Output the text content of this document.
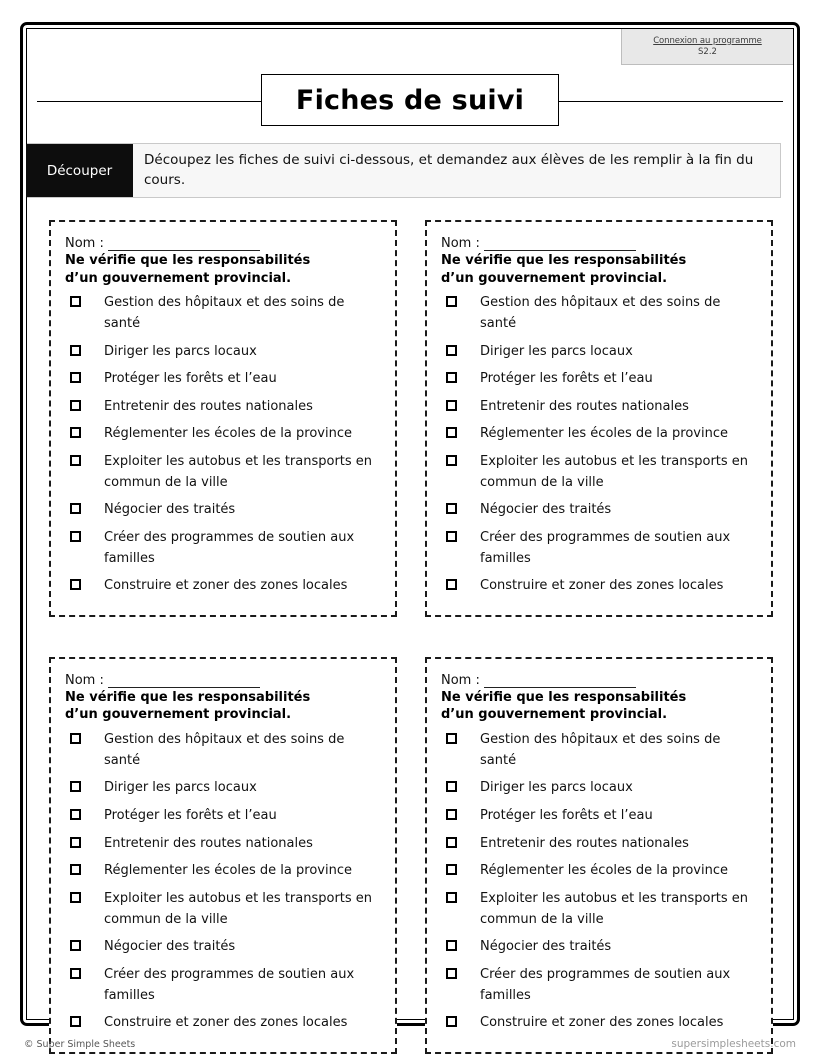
Connexion au programme
S2.2
Fiches de suivi
Découper
Découpez les fiches de suivi ci-dessous, et demandez aux élèves de les remplir à la fin du cours.
Nom :
Ne vérifie que les responsabilités
d’un gouvernement provincial.
Gestion des hôpitaux et des soins de santé
Diriger les parcs locaux
Protéger les forêts et l’eau
Entretenir des routes nationales
Réglementer les écoles de la province
Exploiter les autobus et les transports en commun de la ville
Négocier des traités
Créer des programmes de soutien aux familles
Construire et zoner des zones locales
Nom :
Ne vérifie que les responsabilités
d’un gouvernement provincial.
Gestion des hôpitaux et des soins de santé
Diriger les parcs locaux
Protéger les forêts et l’eau
Entretenir des routes nationales
Réglementer les écoles de la province
Exploiter les autobus et les transports en commun de la ville
Négocier des traités
Créer des programmes de soutien aux familles
Construire et zoner des zones locales
Nom :
Ne vérifie que les responsabilités
d’un gouvernement provincial.
Gestion des hôpitaux et des soins de santé
Diriger les parcs locaux
Protéger les forêts et l’eau
Entretenir des routes nationales
Réglementer les écoles de la province
Exploiter les autobus et les transports en commun de la ville
Négocier des traités
Créer des programmes de soutien aux familles
Construire et zoner des zones locales
Nom :
Ne vérifie que les responsabilités
d’un gouvernement provincial.
Gestion des hôpitaux et des soins de santé
Diriger les parcs locaux
Protéger les forêts et l’eau
Entretenir des routes nationales
Réglementer les écoles de la province
Exploiter les autobus et les transports en commun de la ville
Négocier des traités
Créer des programmes de soutien aux familles
Construire et zoner des zones locales
© Super Simple Sheets	supersimplesheets.com
